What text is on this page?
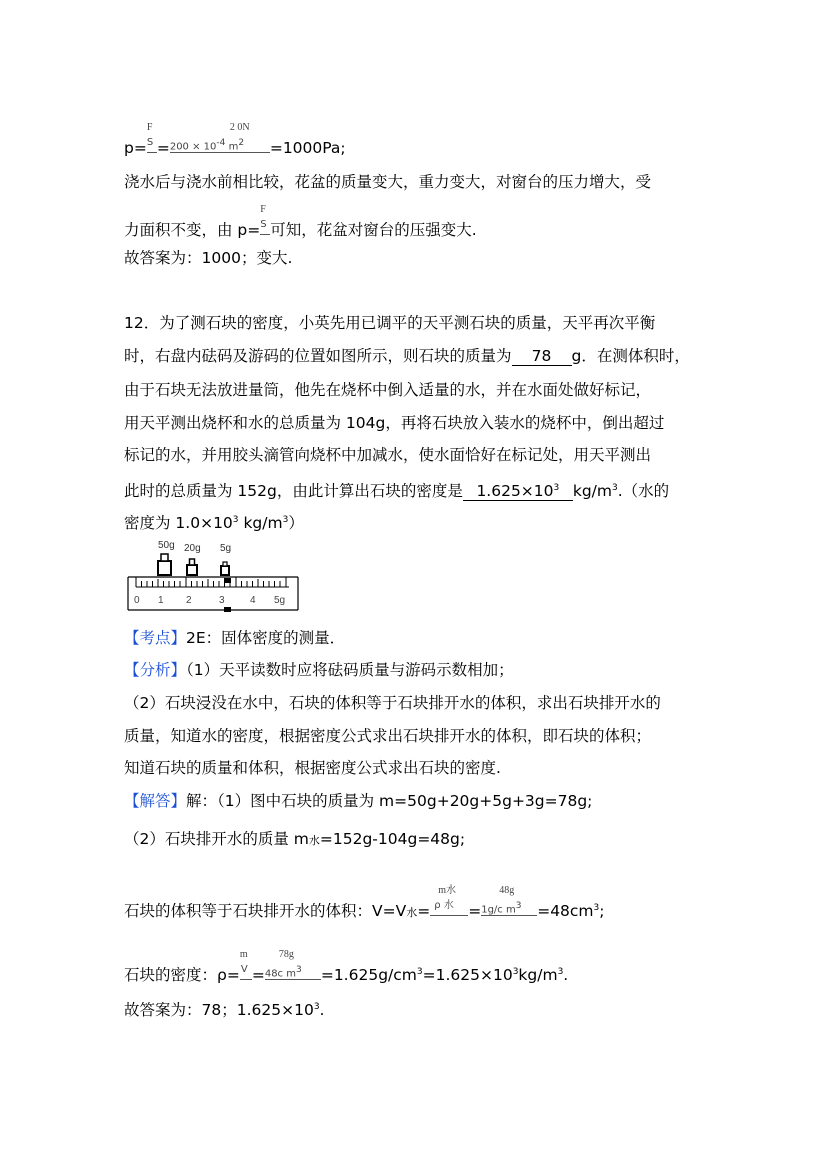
$p= \frac{F}{S} = \frac{2 0N}{200 \times 10-4 m2} =1000Pa$;
浇水后与浇水前相比较，花盆的质量变大，重力变大，对窗台的压力增大，受
力面积不变，由 $p= \frac{F}{S}$ 可知，花盆对窗台的压强变大.
故答案为：1000；变大.
12．为了测石块的密度，小英先用已调平的天平测石块的质量，天平再次平衡
时，右盘内砝码及游码的位置如图所示，则石块的质量为 78 g．在测体积时，
由于石块无法放进量筒，他先在烧杯中倒入适量的水，并在水面处做好标记，
用天平测出烧杯和水的总质量为 104g，再将石块放入装水的烧杯中，倒出超过
标记的水，并用胶头滴管向烧杯中加减水，使水面恰好在标记处，用天平测出
此时的总质量为 152g，由此计算出石块的密度是 $1.625\times 10^3$ $kg/m^3$.（水的
密度为 $1.0\times 10^3$ $kg/m^3$）
50g 20g 5g
0 1 2	3	4 5g
【考点】2E：固体密度的测量．
【分析】（1）天平读数时应将砝码质量与游码示数相加；
（2）石块浸没在水中，石块的体积等于石块排开水的体积，求出石块排开水的
质量，知道水的密度，根据密度公式求出石块排开水的体积，即石块的体积；
知道石块的质量和体积，根据密度公式求出石块的密度.
【解答】解：（1）图中石块的质量为 m=50g+20g+5g+3g=78g;
（2）石块排开水的质量 m水=152g-104g=48g;
石块的体积等于石块排开水的体积：V=V水=
m水
ρ 水 = $\frac{48g}{\text{1g/c m3}} =48cm^3$;
石块的密度：$\rho= \frac{m}{V} = \frac{78g}{\text{48c m3}} =1.625g/cm^3=1.625\times 10^3kg/m^3$.
故答案为：78；$1.625\times 10^3$.
